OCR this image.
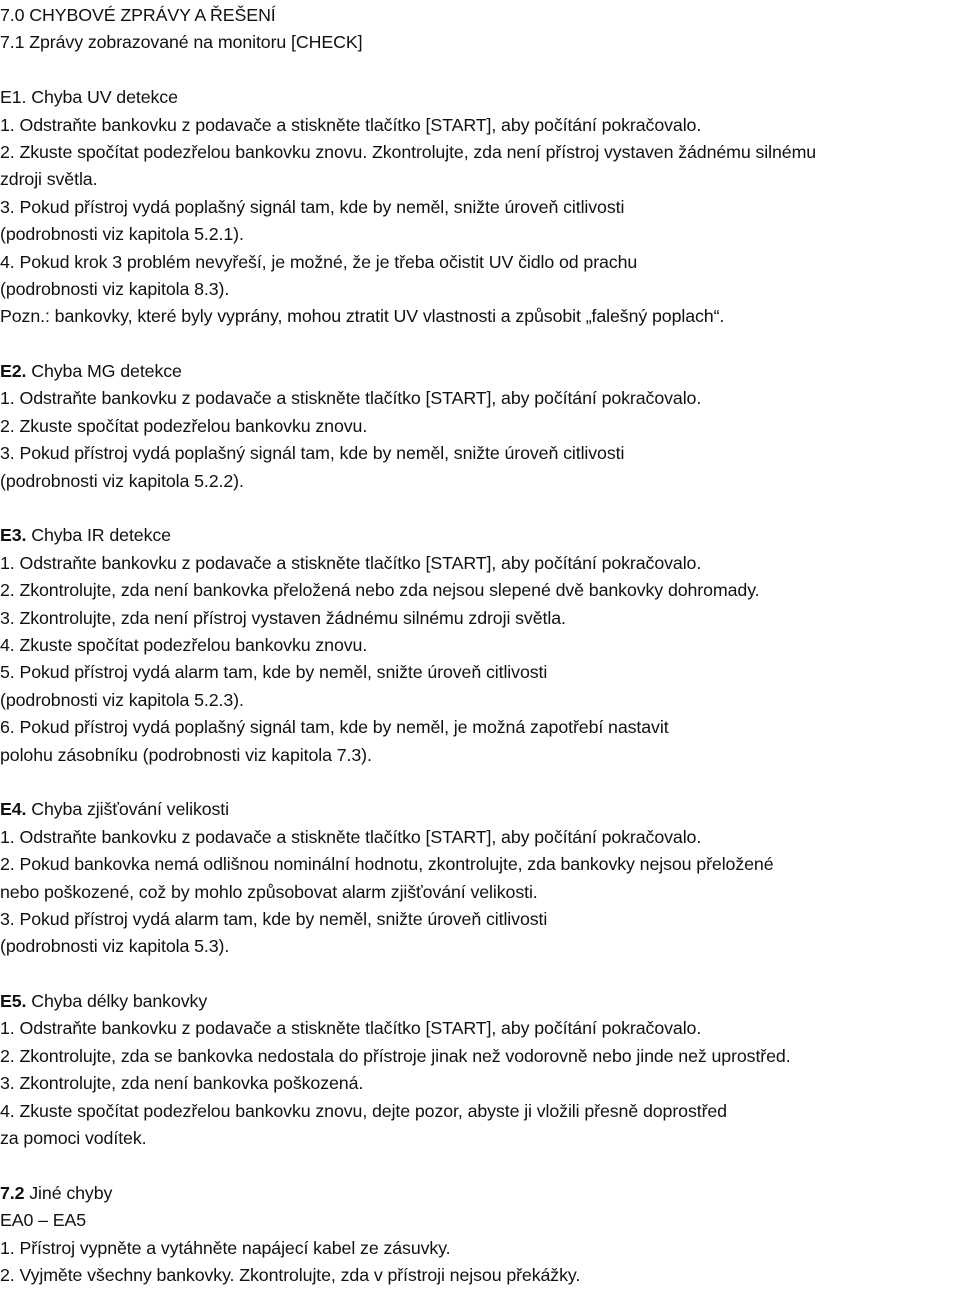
7.0 CHYBOVÉ ZPRÁVY A ŘEŠENÍ
7.1 Zprávy zobrazované na monitoru [CHECK]
E1. Chyba UV detekce
1. Odstraňte bankovku z podavače a stiskněte tlačítko [START], aby počítání pokračovalo.
2. Zkuste spočítat podezřelou bankovku znovu. Zkontrolujte, zda není přístroj vystaven žádnému silnému
zdroji světla.
3. Pokud přístroj vydá poplašný signál tam, kde by neměl, snižte úroveň citlivosti
(podrobnosti viz kapitola 5.2.1).
4. Pokud krok 3 problém nevyřeší, je možné, že je třeba očistit UV čidlo od prachu
(podrobnosti viz kapitola 8.3).
Pozn.: bankovky, které byly vyprány, mohou ztratit UV vlastnosti a způsobit „falešný poplach“.
E2. Chyba MG detekce
1. Odstraňte bankovku z podavače a stiskněte tlačítko [START], aby počítání pokračovalo.
2. Zkuste spočítat podezřelou bankovku znovu.
3. Pokud přístroj vydá poplašný signál tam, kde by neměl, snižte úroveň citlivosti
(podrobnosti viz kapitola 5.2.2).
E3. Chyba IR detekce
1. Odstraňte bankovku z podavače a stiskněte tlačítko [START], aby počítání pokračovalo.
2. Zkontrolujte, zda není bankovka přeložená nebo zda nejsou slepené dvě bankovky dohromady.
3. Zkontrolujte, zda není přístroj vystaven žádnému silnému zdroji světla.
4. Zkuste spočítat podezřelou bankovku znovu.
5. Pokud přístroj vydá alarm tam, kde by neměl, snižte úroveň citlivosti
(podrobnosti viz kapitola 5.2.3).
6. Pokud přístroj vydá poplašný signál tam, kde by neměl, je možná zapotřebí nastavit
polohu zásobníku (podrobnosti viz kapitola 7.3).
E4. Chyba zjišťování velikosti
1. Odstraňte bankovku z podavače a stiskněte tlačítko [START], aby počítání pokračovalo.
2. Pokud bankovka nemá odlišnou nominální hodnotu, zkontrolujte, zda bankovky nejsou přeložené
nebo poškozené, což by mohlo způsobovat alarm zjišťování velikosti.
3. Pokud přístroj vydá alarm tam, kde by neměl, snižte úroveň citlivosti
(podrobnosti viz kapitola 5.3).
E5. Chyba délky bankovky
1. Odstraňte bankovku z podavače a stiskněte tlačítko [START], aby počítání pokračovalo.
2. Zkontrolujte, zda se bankovka nedostala do přístroje jinak než vodorovně nebo jinde než uprostřed.
3. Zkontrolujte, zda není bankovka poškozená.
4. Zkuste spočítat podezřelou bankovku znovu, dejte pozor, abyste ji vložili přesně doprostřed
za pomoci vodítek.
7.2 Jiné chyby
EA0 – EA5
1. Přístroj vypněte a vytáhněte napájecí kabel ze zásuvky.
2. Vyjměte všechny bankovky. Zkontrolujte, zda v přístroji nejsou překážky.
